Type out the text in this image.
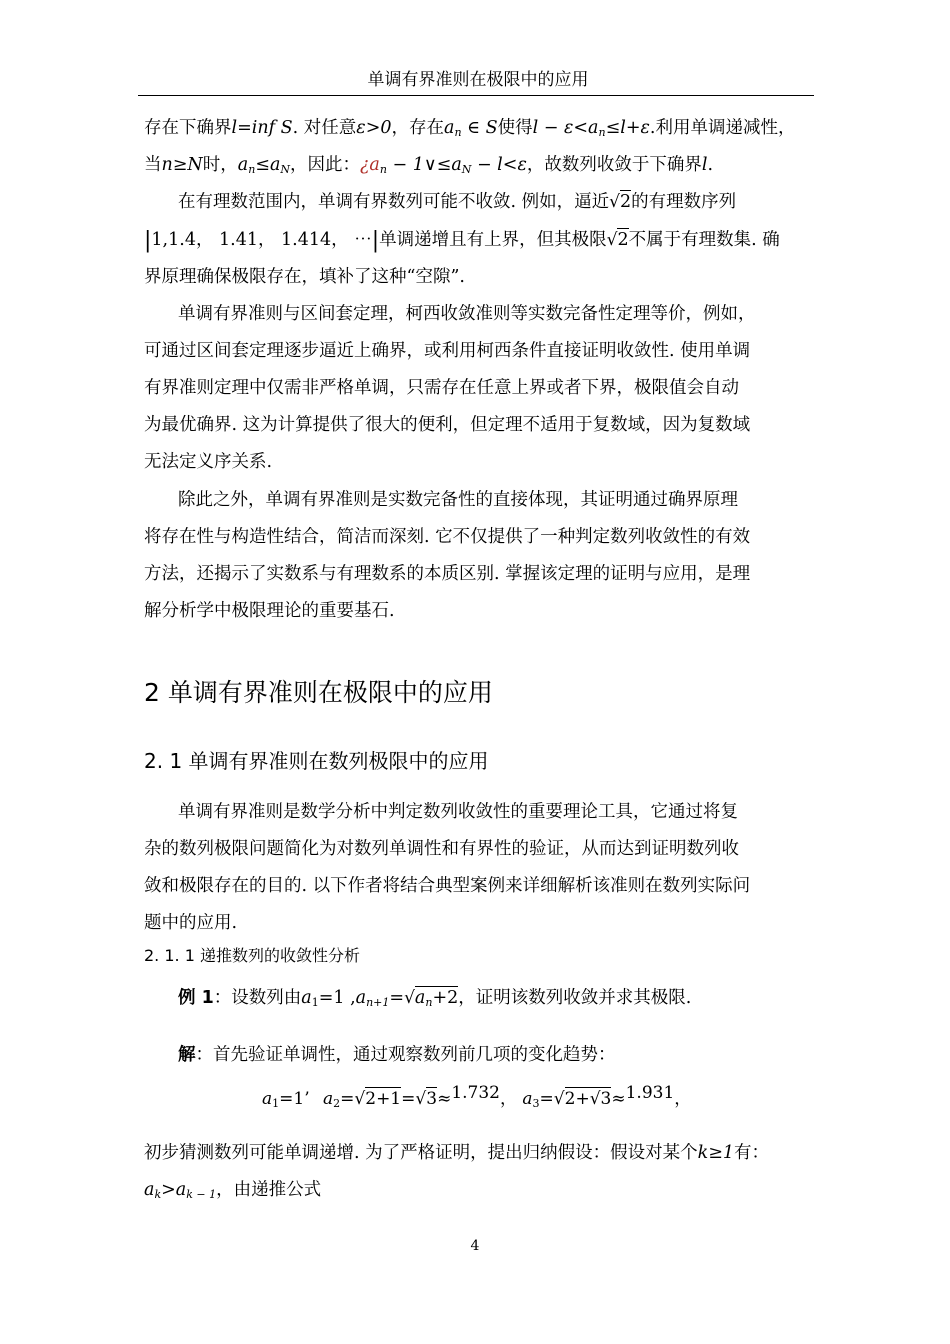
单调有界准则在极限中的应用
存在下确界l=inf S. 对任意ε>0，存在$a_n$ ∈ S使得$l - \varepsilon<a_n\le l+\varepsilon$.利用单调递减性，
当n≥N时，$a_n\le a_N$，因此：¿$a_n$ − $1\vee\le a_N - l<\varepsilon$，故数列收敛于下确界l.
在有理数范围内，单调有界数列可能不收敛. 例如，逼近√2的有理数序列
|1,1.4， 1.41， 1.414， ⋯|单调递增且有上界，但其极限√2不属于有理数集. 确
界原理确保极限存在，填补了这种“空隙”.
单调有界准则与区间套定理，柯西收敛准则等实数完备性定理等价，例如，
可通过区间套定理逐步逼近上确界，或利用柯西条件直接证明收敛性. 使用单调
有界准则定理中仅需非严格单调，只需存在任意上界或者下界，极限值会自动
为最优确界. 这为计算提供了很大的便利，但定理不适用于复数域，因为复数域
无法定义序关系.
除此之外，单调有界准则是实数完备性的直接体现，其证明通过确界原理
将存在性与构造性结合，简洁而深刻. 它不仅提供了一种判定数列收敛性的有效
方法，还揭示了实数系与有理数系的本质区别. 掌握该定理的证明与应用，是理
解分析学中极限理论的重要基石.
2 单调有界准则在极限中的应用
2. 1 单调有界准则在数列极限中的应用
单调有界准则是数学分析中判定数列收敛性的重要理论工具，它通过将复
杂的数列极限问题简化为对数列单调性和有界性的验证，从而达到证明数列收
敛和极限存在的目的. 以下作者将结合典型案例来详细解析该准则在数列实际问
题中的应用.
2. 1. 1 递推数列的收敛性分析
例 1：设数列由$a_1=1$ $,a_{n+1}=√a_n+2$，证明该数列收敛并求其极限.
解：首先验证单调性，通过观察数列前几项的变化趋势：
$a_1=1$’ $a_2=√2+1=√3\approx 1.732$， $a_3=√2+√3\approx 1.931$，
初步猜测数列可能单调递增. 为了严格证明，提出归纳假设：假设对某个k≥1有：
$a_k>a_{k - 1}$，由递推公式
4
